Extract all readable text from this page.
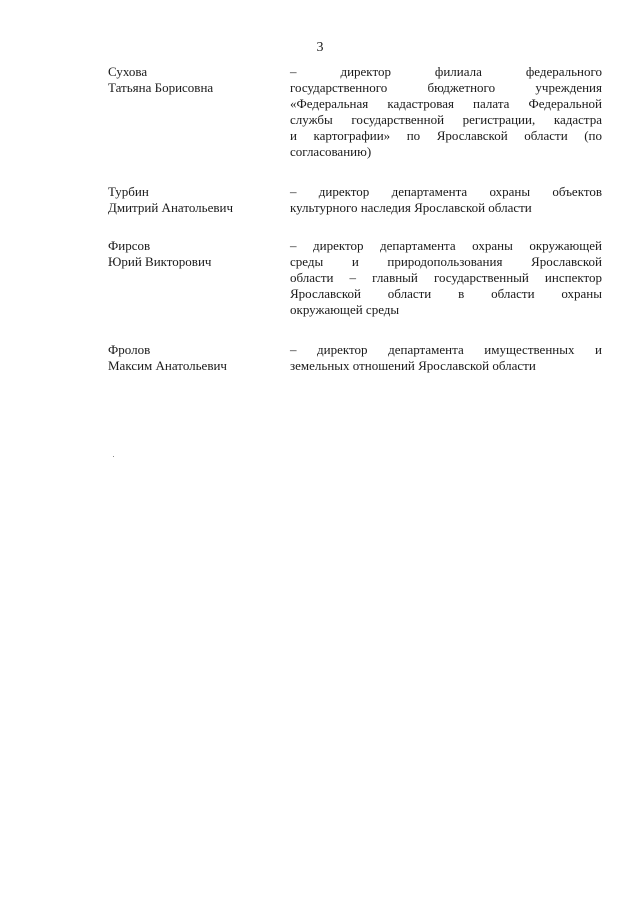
3
Сухова
Татьяна Борисовна
– директор филиала федерального
государственного бюджетного учреждения
«Федеральная кадастровая палата Федеральной
службы государственной регистрации, кадастра
и картографии» по Ярославской области (по
согласованию)
Турбин
Дмитрий Анатольевич
– директор департамента охраны объектов
культурного наследия Ярославской области
Фирсов
Юрий Викторович
– директор департамента охраны окружающей
среды и природопользования Ярославской
области – главный государственный инспектор
Ярославской области в области охраны
окружающей среды
Фролов
Максим Анатольевич
– директор департамента имущественных и
земельных отношений Ярославской области
